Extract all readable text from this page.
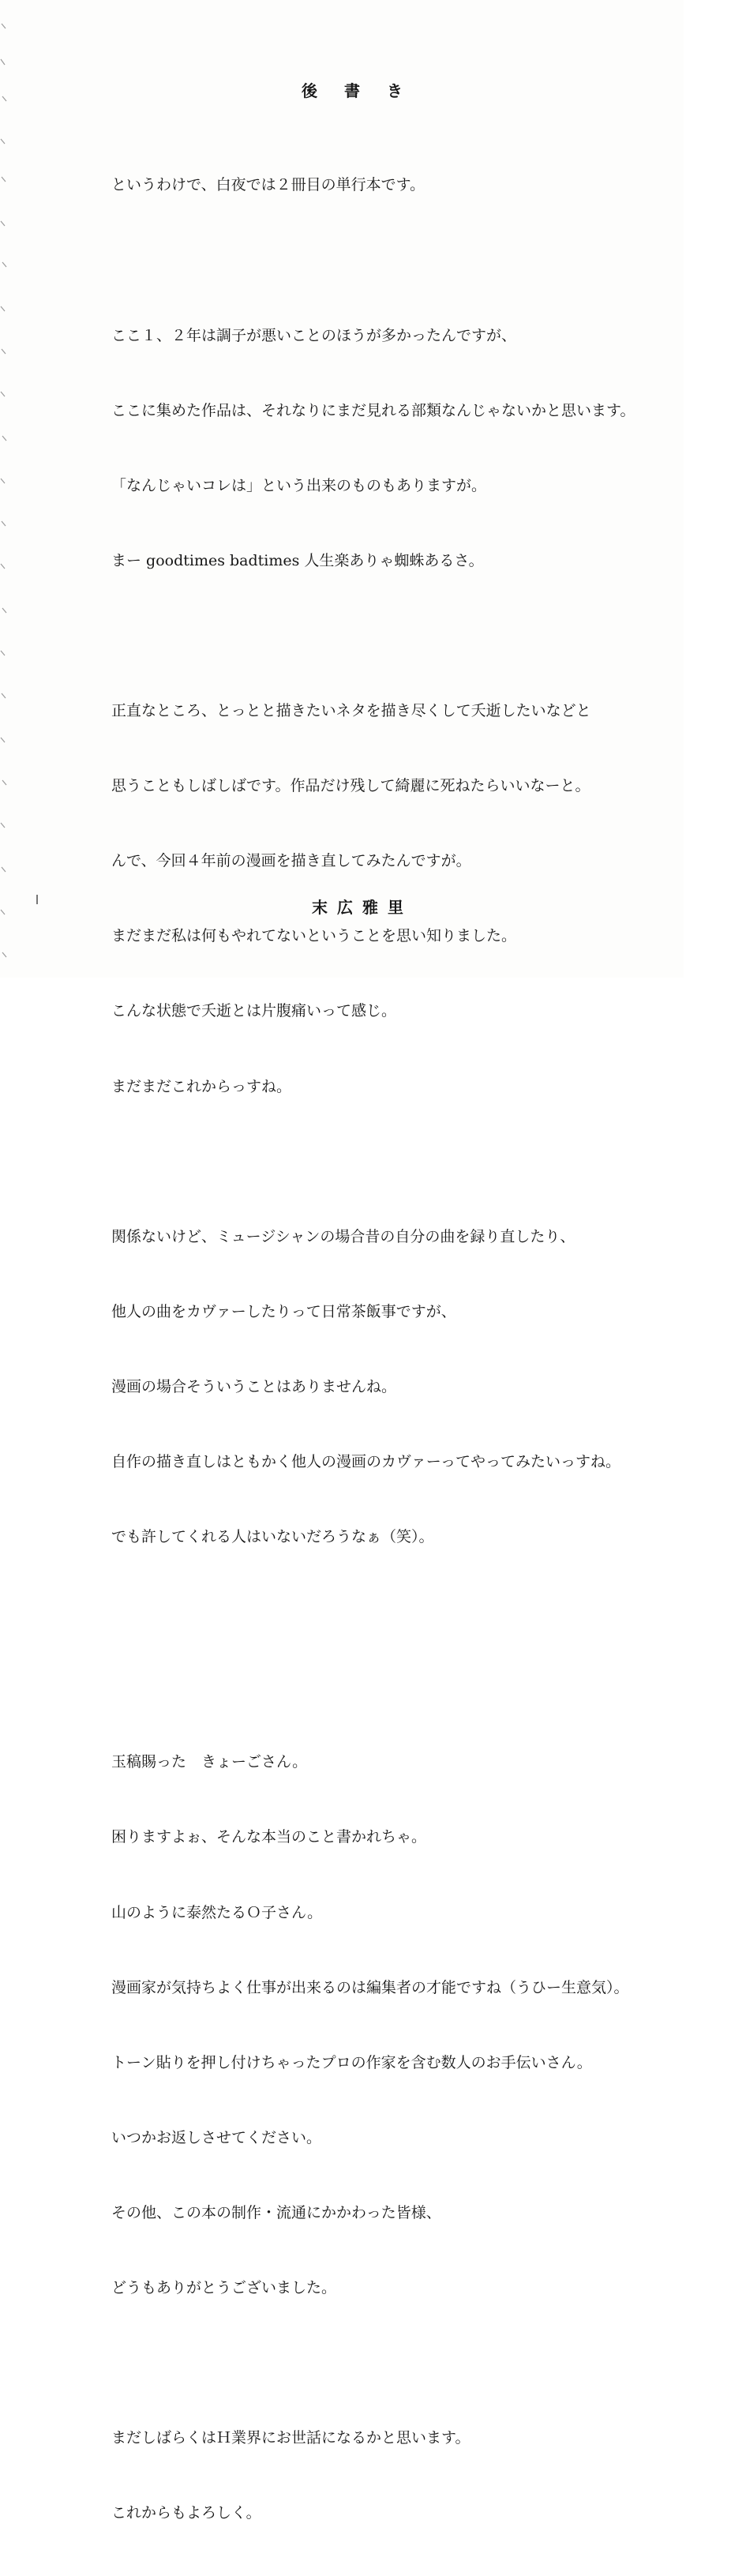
後書き

というわけで、白夜では２冊目の単行本です。

ここ１、２年は調子が悪いことのほうが多かったんですが、

ここに集めた作品は、それなりにまだ見れる部類なんじゃないかと思います。

「なんじゃいコレは」という出来のものもありますが。

まー goodtimes badtimes 人生楽ありゃ蜘蛛あるさ。

正直なところ、とっとと描きたいネタを描き尽くして夭逝したいなどと

思うこともしばしばです。作品だけ残して綺麗に死ねたらいいなーと。

んで、今回４年前の漫画を描き直してみたんですが。

まだまだ私は何もやれてないということを思い知りました。

こんな状態で夭逝とは片腹痛いって感じ。

まだまだこれからっすね。

関係ないけど、ミュージシャンの場合昔の自分の曲を録り直したり、

他人の曲をカヴァーしたりって日常茶飯事ですが、

漫画の場合そういうことはありませんね。

自作の描き直しはともかく他人の漫画のカヴァーってやってみたいっすね。

でも許してくれる人はいないだろうなぁ（笑）。

玉稿賜った　きょーごさん。

困りますよぉ、そんな本当のこと書かれちゃ。

山のように泰然たるＯ子さん。

漫画家が気持ちよく仕事が出来るのは編集者の才能ですね（うひー生意気）。

トーン貼りを押し付けちゃったプロの作家を含む数人のお手伝いさん。

いつかお返しさせてください。

その他、この本の制作・流通にかかわった皆様、

どうもありがとうございました。

まだしばらくはＨ業界にお世話になるかと思います。

これからもよろしく。

末広雅里
